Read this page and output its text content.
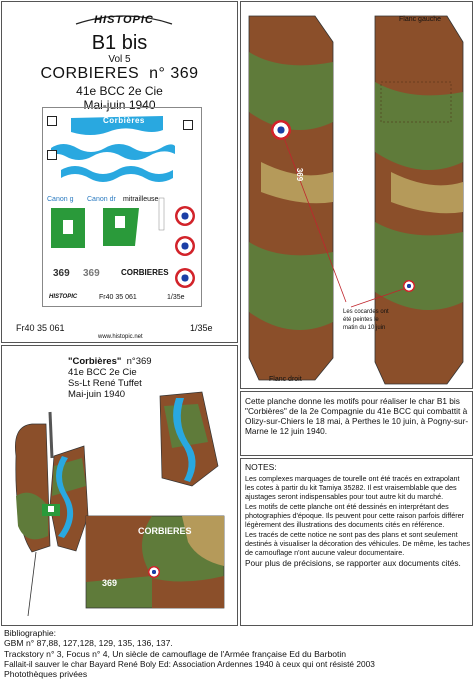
HISTOPIC
B1 bis
Vol 5
CORBIERES n° 369
41e BCC 2e Cie
Mai-juin 1940
Corbières
Canon g Canon dr mitrailleuse
369 369	CORBIERES
HISTOPIC	Fr40 35 061	1/35e
Fr40 35 061
www.histopic.net
1/35e
Flanc gauche
Flanc droit
369
Les cocardes ont été peintes le matin du 10 juin
"Corbières" n°369
41e BCC 2e Cie
Ss-Lt René Tuffet
Mai-juin 1940
CORBIERES
369
Cette planche donne les motifs pour réaliser le char B1 bis "Corbières" de la 2e Compagnie du 41e BCC qui combattit à Olizy-sur-Chiers le 18 mai, à Perthes le 10 juin, à Pogny-sur-Marne le 12 juin 1940.
NOTES:

Les complexes marquages de tourelle ont été tracés en extrapolant les cotes à partir du kit Tamiya 35282. Il est vraisemblable que des ajustages seront indispensables pour tout autre kit du marché.

Les motifs de cette planche ont été dessinés en interprétant des photographies d'époque. Ils peuvent pour cette raison parfois différer légèrement des illustrations des documents cités en référence.

Les tracés de cette notice ne sont pas des plans et sont seulement destinés à visualiser la décoration des véhicules. De même, les taches de camouflage n'ont aucune valeur documentaire.

Pour plus de précisions, se rapporter aux documents cités.

Bibliographie:
GBM n° 87,88, 127,128, 129, 135, 136, 137.
Trackstory n° 3, Focus n° 4, Un siècle de camouflage de l'Armée française Ed du Barbotin
Fallait-il sauver le char Bayard René Boly Ed: Association Ardennes 1940 à ceux qui ont résisté 2003
Photothèques privées
